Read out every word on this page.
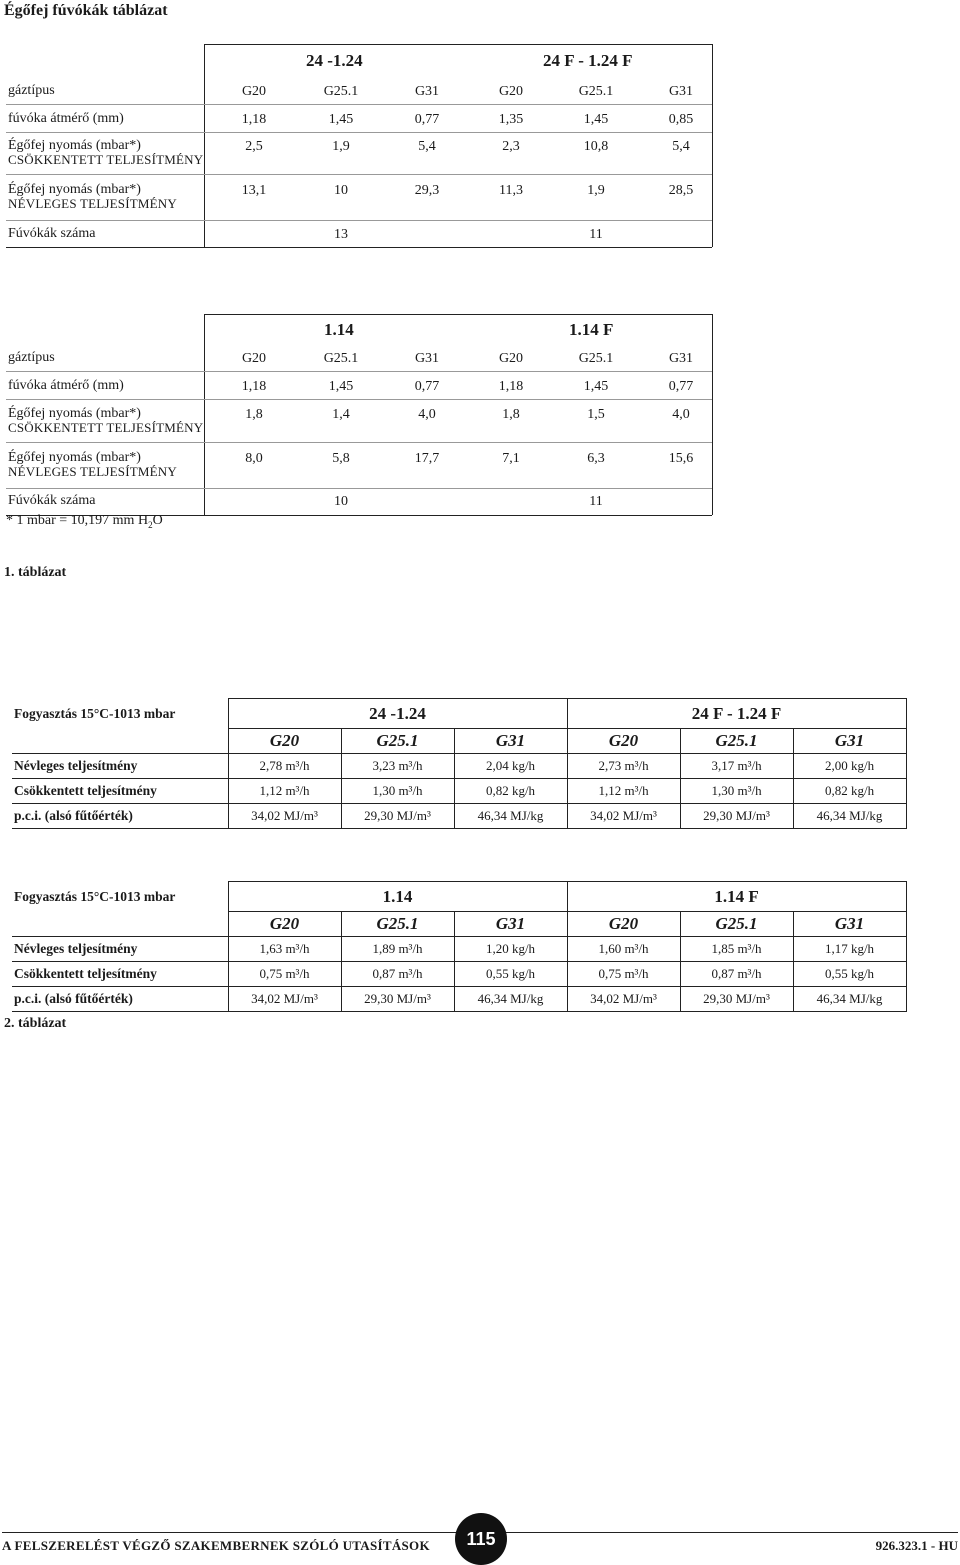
Égőfej fúvókák táblázat
24 -1.24	24 F - 1.24 F
gáztípus	G20	G25.1	G31	G20	G25.1	G31
fúvóka átmérő (mm)	1,18	1,45	0,77	1,35	1,45	0,85
Égőfej nyomás (mbar*)
CSÖKKENTETT TELJESÍTMÉNY
2,5	1,9	5,4	2,3	10,8	5,4
Égőfej nyomás (mbar*)
NÉVLEGES TELJESÍTMÉNY
13,1	10	29,3	11,3	1,9	28,5
Fúvókák száma	13	11
1.14	1.14 F
gáztípus	G20	G25.1	G31	G20	G25.1	G31
fúvóka átmérő (mm)	1,18	1,45	0,77	1,18	1,45	0,77
Égőfej nyomás (mbar*)
CSÖKKENTETT TELJESÍTMÉNY
1,8	1,4	4,0	1,8	1,5	4,0
Égőfej nyomás (mbar*)
NÉVLEGES TELJESÍTMÉNY
8,0	5,8	17,7	7,1	6,3	15,6
Fúvókák száma	10	11
* 1 mbar = 10,197 mm $H_2O$
1. táblázat
Fogyasztás 15°C-1013 mbar	24 -1.24			24 F - 1.24 F		
	G20	G25.1	G31	G20	G25.1	G31
Névleges teljesítmény	2,78 m³/h	3,23 m³/h	2,04 kg/h	2,73 m³/h	3,17 m³/h	2,00 kg/h
Csökkentett teljesítmény	1,12 m³/h	1,30 m³/h	0,82 kg/h	1,12 m³/h	1,30 m³/h	0,82 kg/h
p.c.i. (alsó fűtőérték)	34,02 MJ/m³	29,30 MJ/m³	46,34 MJ/kg	34,02 MJ/m³	29,30 MJ/m³	46,34 MJ/kg
Fogyasztás 15°C-1013 mbar	1.14			1.14 F		
	G20	G25.1	G31	G20	G25.1	G31
Névleges teljesítmény	1,63 m³/h	1,89 m³/h	1,20 kg/h	1,60 m³/h	1,85 m³/h	1,17 kg/h
Csökkentett teljesítmény	0,75 m³/h	0,87 m³/h	0,55 kg/h	0,75 m³/h	0,87 m³/h	0,55 kg/h
p.c.i. (alsó fűtőérték)	34,02 MJ/m³	29,30 MJ/m³	46,34 MJ/kg	34,02 MJ/m³	29,30 MJ/m³	46,34 MJ/kg
2. táblázat
A FELSZERELÉST VÉGZŐ SZAKEMBERNEK SZÓLÓ UTASÍTÁSOK	115	926.323.1 - HU
